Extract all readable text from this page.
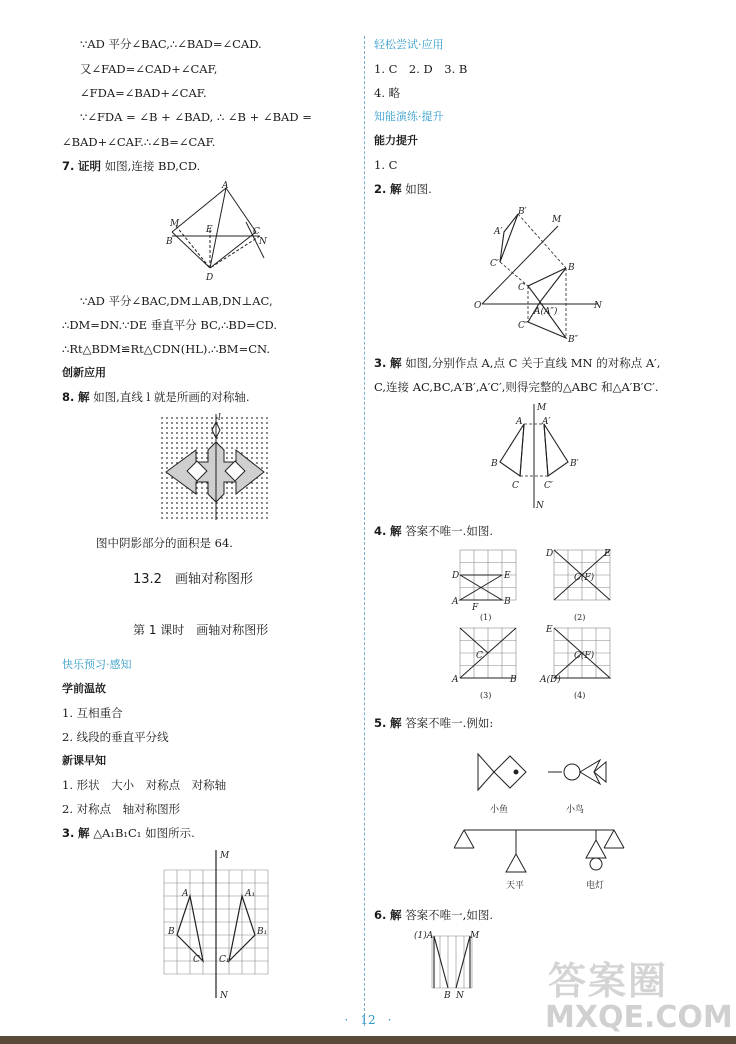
∵AD 平分∠BAC,∴∠BAD=∠CAD.
又∠FAD=∠CAD+∠CAF,
∠FDA=∠BAD+∠CAF.
∵∠FDA = ∠B + ∠BAD, ∴ ∠B + ∠BAD =
∠BAD+∠CAF.∴∠B=∠CAF.
7. 证明 如图,连接 BD,CD.
A
M
E	C
B	N
D
∵AD 平分∠BAC,DM⊥AB,DN⊥AC,
∴DM=DN.∵DE 垂直平分 BC,∴BD=CD.
∴Rt△BDM≌Rt△CDN(HL).∴BM=CN.
创新应用
8. 解 如图,直线 l 就是所画的对称轴.
l
图中阴影部分的面积是 64.
13.2　画轴对称图形
第 1 课时　画轴对称图形
快乐预习·感知
学前温故
1. 互相重合
2. 线段的垂直平分线
新课早知
1. 形状　大小　对称点　对称轴
2. 对称点　轴对称图形
3. 解 △A₁B₁C₁ 如图所示.
M
A	A₁
B	B₁
C C₁
N
轻松尝试·应用
1. C　2. D　3. B
4. 略
知能演练·提升
能力提升
1. C
2. 解 如图.
B′
M
A′
C′	B
C
O
A(A″)
N
C″
B″
3. 解 如图,分别作点 A,点 C 关于直线 MN 的对称点 A′,
C,连接 AC,BC,A′B′,A′C′,则得完整的△ABC 和△A′B′C′.
M
A A′
B	B′
C	C′
N
4. 解 答案不唯一.如图.
D	E
A
F
B
C(F)
D	E
C
A	B
E
C(F)
A(D)
(1)	(2)
(3)	(4)
5. 解 答案不唯一.例如:
小鱼	小鸟
天平	电灯
6. 解 答案不唯一,如图.
(1)A	M
B N
·　12　·
答案圈
MXQE.COM
